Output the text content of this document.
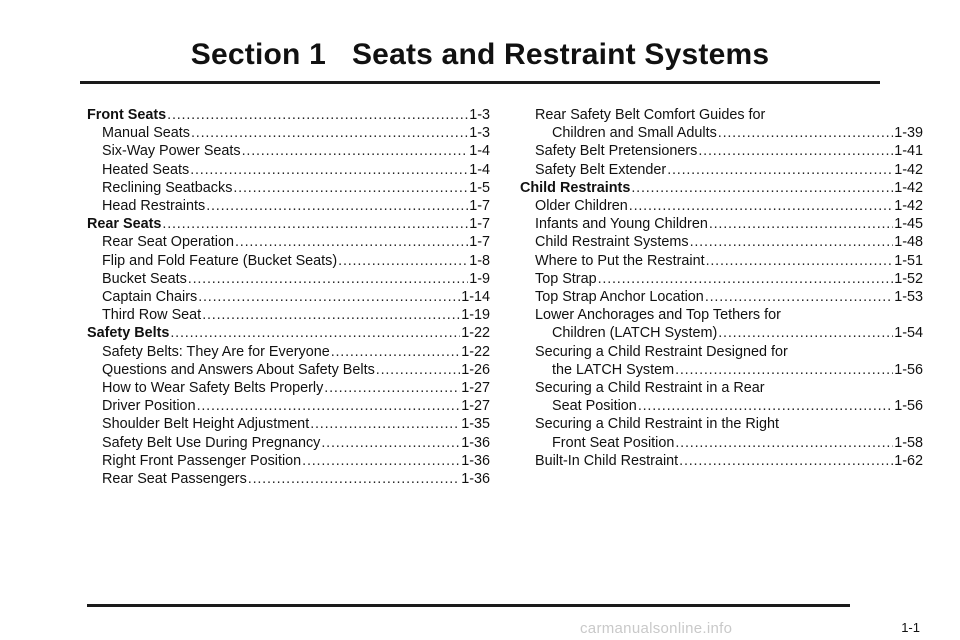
Section 1 Seats and Restraint Systems
Front Seats . . .	1-3
Manual Seats . . .	1-3
Six-Way Power Seats . . .	1-4
Heated Seats . . .	1-4
Reclining Seatbacks . . .	1-5
Head Restraints . . .	1-7
Rear Seats . . .	1-7
Rear Seat Operation . . .	1-7
Flip and Fold Feature (Bucket Seats) . . .	1-8
Bucket Seats . . .	1-9
Captain Chairs . . .	1-14
Third Row Seat . . .	1-19
Safety Belts . . .	1-22
Safety Belts: They Are for Everyone . . .	1-22
Questions and Answers About Safety Belts . . .	1-26
How to Wear Safety Belts Properly . . .	1-27
Driver Position . . .	1-27
Shoulder Belt Height Adjustment . . .	1-35
Safety Belt Use During Pregnancy . . .	1-36
Right Front Passenger Position . . .	1-36
Rear Seat Passengers . . .	1-36
Rear Safety Belt Comfort Guides for
Children and Small Adults . . .	1-39
Safety Belt Pretensioners . . .	1-41
Safety Belt Extender . . .	1-42
Child Restraints . . .	1-42
Older Children . . .	1-42
Infants and Young Children . . .	1-45
Child Restraint Systems . . .	1-48
Where to Put the Restraint . . .	1-51
Top Strap . . .	1-52
Top Strap Anchor Location . . .	1-53
Lower Anchorages and Top Tethers for
Children (LATCH System) . . .	1-54
Securing a Child Restraint Designed for
the LATCH System . . .	1-56
Securing a Child Restraint in a Rear
Seat Position . . .	1-56
Securing a Child Restraint in the Right
Front Seat Position . . .	1-58
Built-In Child Restraint . . .	1-62
carmanualsonline.info	1-1
